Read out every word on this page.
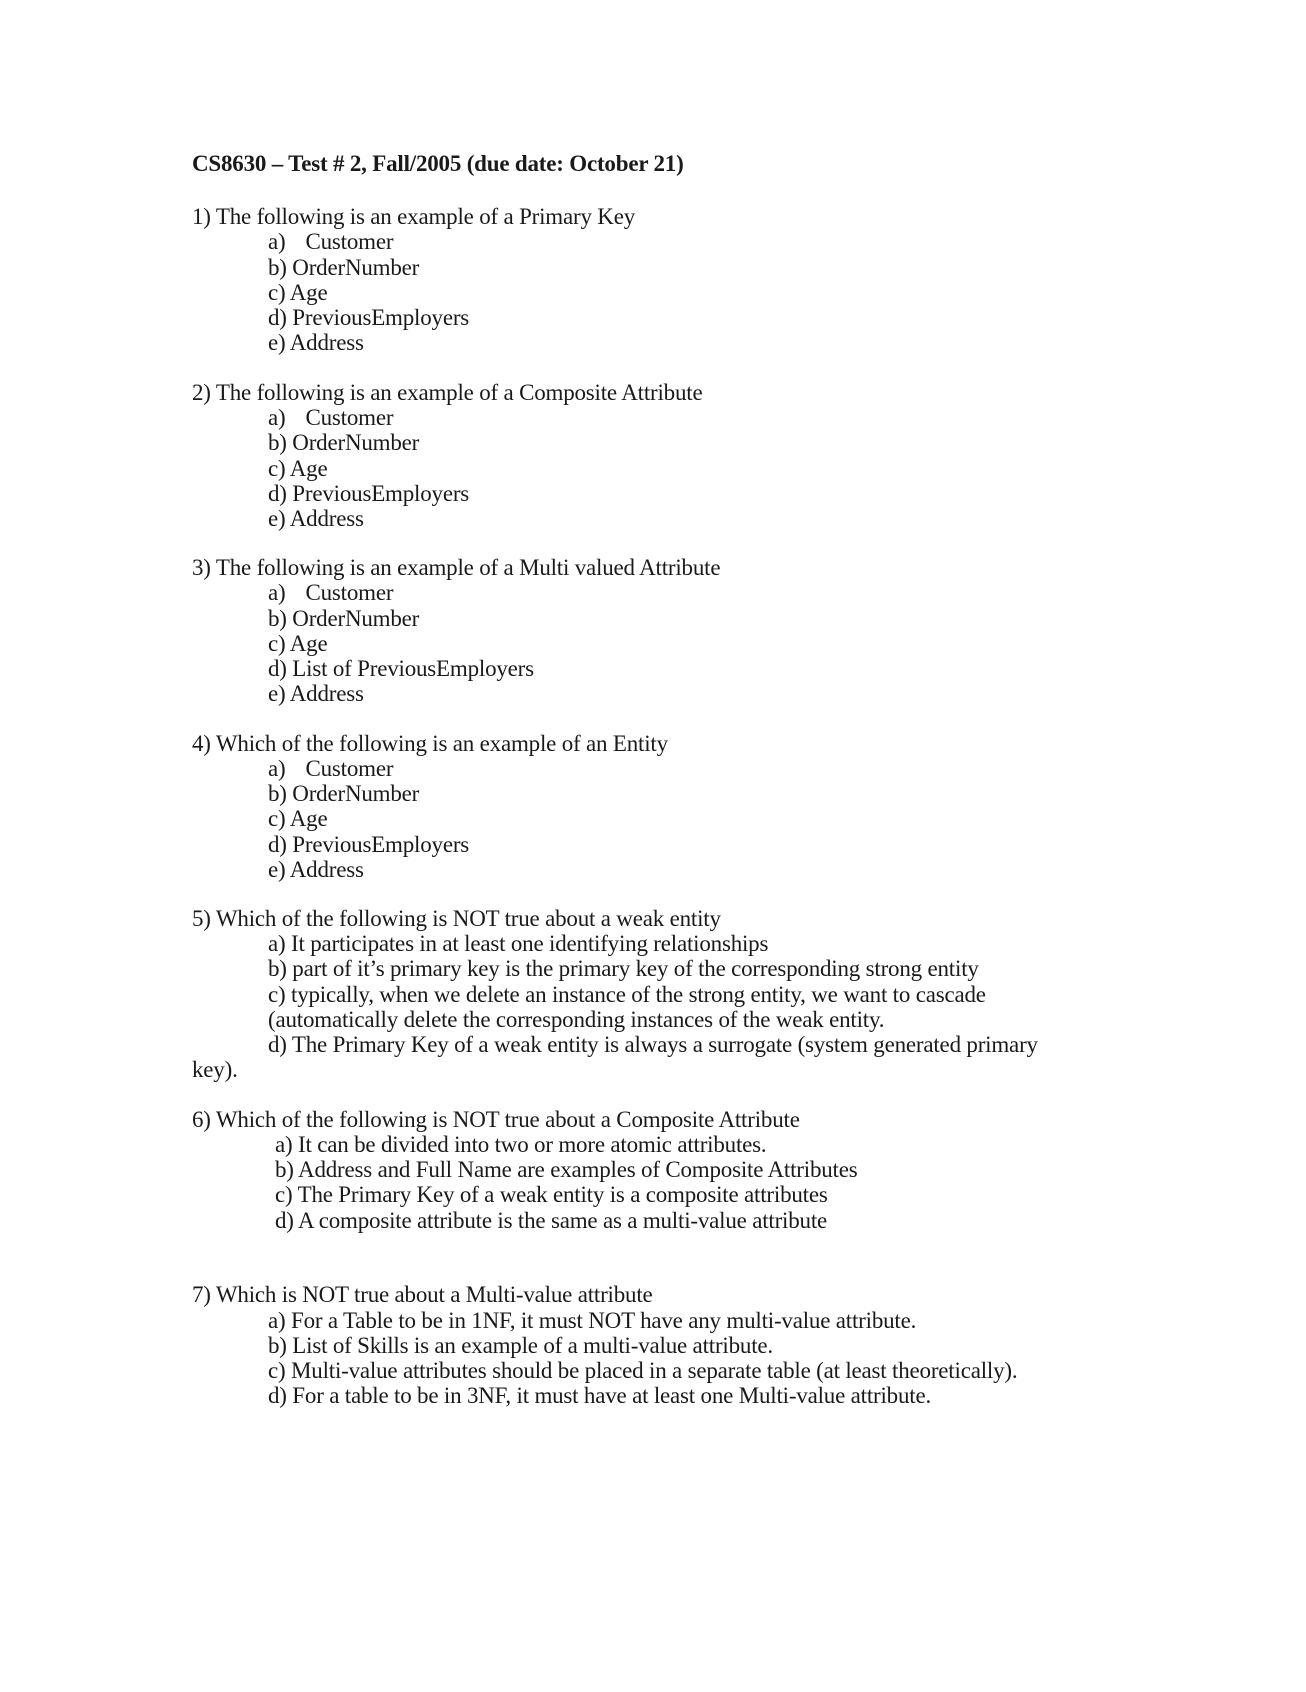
CS8630 – Test # 2, Fall/2005 (due date: October 21)
1) The following is an example of a Primary Key
a) Customer
b) OrderNumber
c) Age
d) PreviousEmployers
e) Address
2) The following is an example of a Composite Attribute
a) Customer
b) OrderNumber
c) Age
d) PreviousEmployers
e) Address
3) The following is an example of a Multi valued Attribute
a) Customer
b) OrderNumber
c) Age
d) List of PreviousEmployers
e) Address
4) Which of the following is an example of an Entity
a) Customer
b) OrderNumber
c) Age
d) PreviousEmployers
e) Address
5) Which of the following is NOT true about a weak entity
a) It participates in at least one identifying relationships
b) part of it’s primary key is the primary key of the corresponding strong entity
c) typically, when we delete an instance of the strong entity, we want to cascade
(automatically delete the corresponding instances of the weak entity.
d) The Primary Key of a weak entity is always a surrogate (system generated primary
key).
6) Which of the following is NOT true about a Composite Attribute
a) It can be divided into two or more atomic attributes.
b) Address and Full Name are examples of Composite Attributes
c) The Primary Key of a weak entity is a composite attributes
d) A composite attribute is the same as a multi-value attribute
7) Which is NOT true about a Multi-value attribute
a) For a Table to be in 1NF, it must NOT have any multi-value attribute.
b) List of Skills is an example of a multi-value attribute.
c) Multi-value attributes should be placed in a separate table (at least theoretically).
d) For a table to be in 3NF, it must have at least one Multi-value attribute.
